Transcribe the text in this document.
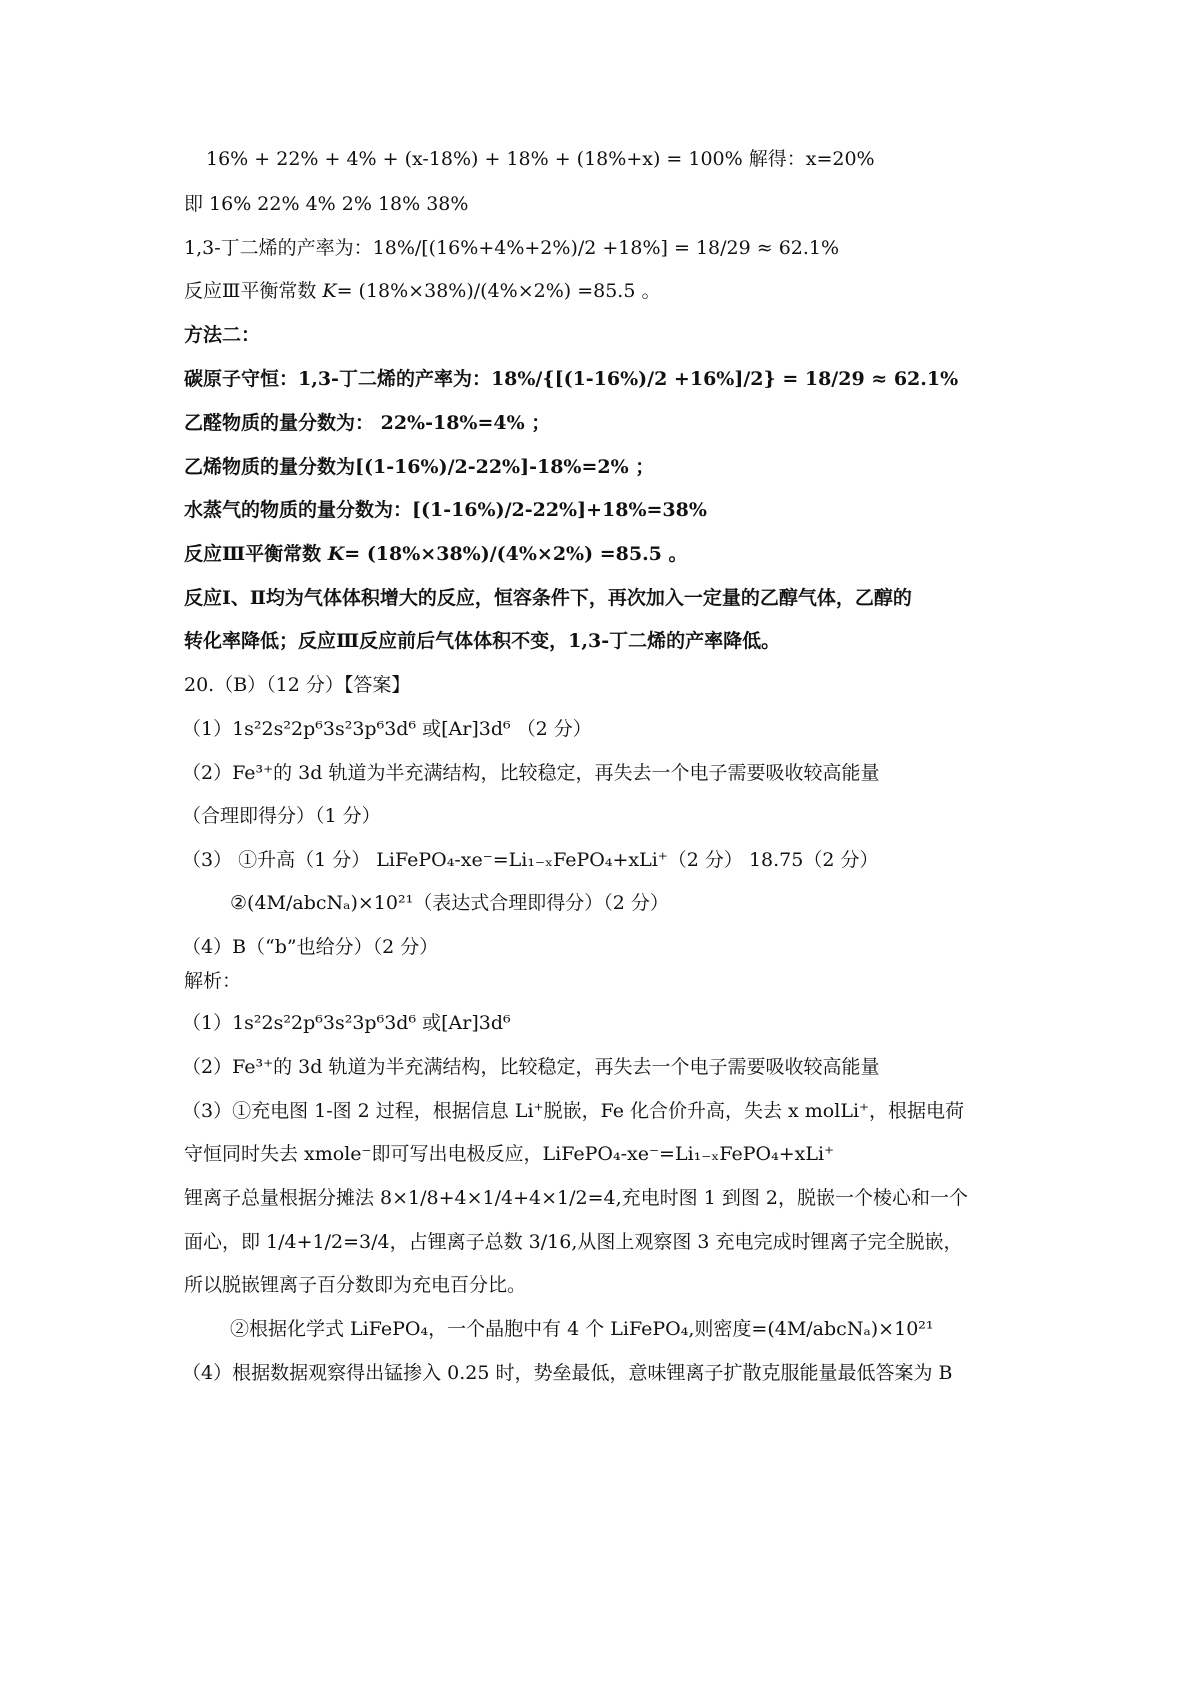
16% + 22% + 4% + (x-18%) + 18% + (18%+x) = 100% 解得：x=20%
即 16% 22% 4% 2% 18% 38%
1,3-丁二烯的产率为：18%/[(16%+4%+2%)/2 +18%] = 18/29 ≈ 62.1%
反应Ⅲ平衡常数 K= (18%×38%)/(4%×2%) =85.5 。
方法二：
碳原子守恒：1,3-丁二烯的产率为：18%/{[(1-16%)/2 +16%]/2} = 18/29 ≈ 62.1%
乙醛物质的量分数为： 22%-18%=4% ；
乙烯物质的量分数为[(1-16%)/2-22%]-18%=2% ；
水蒸气的物质的量分数为：[(1-16%)/2-22%]+18%=38%
反应Ⅲ平衡常数 K= (18%×38%)/(4%×2%) =85.5 。
反应Ⅰ、Ⅱ均为气体体积增大的反应，恒容条件下，再次加入一定量的乙醇气体，乙醇的
转化率降低；反应Ⅲ反应前后气体体积不变，1,3-丁二烯的产率降低。
20.（B）（12 分）【答案】
（1）1s²2s²2p⁶3s²3p⁶3d⁶ 或[Ar]3d⁶ （2 分）
（2）Fe³⁺的 3d 轨道为半充满结构，比较稳定，再失去一个电子需要吸收较高能量
（合理即得分）（1 分）
（3） ①升高（1 分） LiFePO₄-xe⁻=Li₁₋ₓFePO₄+xLi⁺（2 分） 18.75（2 分）
②(4M/abcNₐ)×10²¹（表达式合理即得分）（2 分）
（4）B（“b”也给分）（2 分）
解析：
（1）1s²2s²2p⁶3s²3p⁶3d⁶ 或[Ar]3d⁶
（2）Fe³⁺的 3d 轨道为半充满结构，比较稳定，再失去一个电子需要吸收较高能量
（3）①充电图 1-图 2 过程，根据信息 Li⁺脱嵌，Fe 化合价升高，失去 x molLi⁺，根据电荷
守恒同时失去 xmole⁻即可写出电极反应，LiFePO₄-xe⁻=Li₁₋ₓFePO₄+xLi⁺
锂离子总量根据分摊法 8×1/8+4×1/4+4×1/2=4,充电时图 1 到图 2，脱嵌一个棱心和一个
面心，即 1/4+1/2=3/4，占锂离子总数 3/16,从图上观察图 3 充电完成时锂离子完全脱嵌，
所以脱嵌锂离子百分数即为充电百分比。
②根据化学式 LiFePO₄，一个晶胞中有 4 个 LiFePO₄,则密度=(4M/abcNₐ)×10²¹
（4）根据数据观察得出锰掺入 0.25 时，势垒最低，意味锂离子扩散克服能量最低答案为 B
